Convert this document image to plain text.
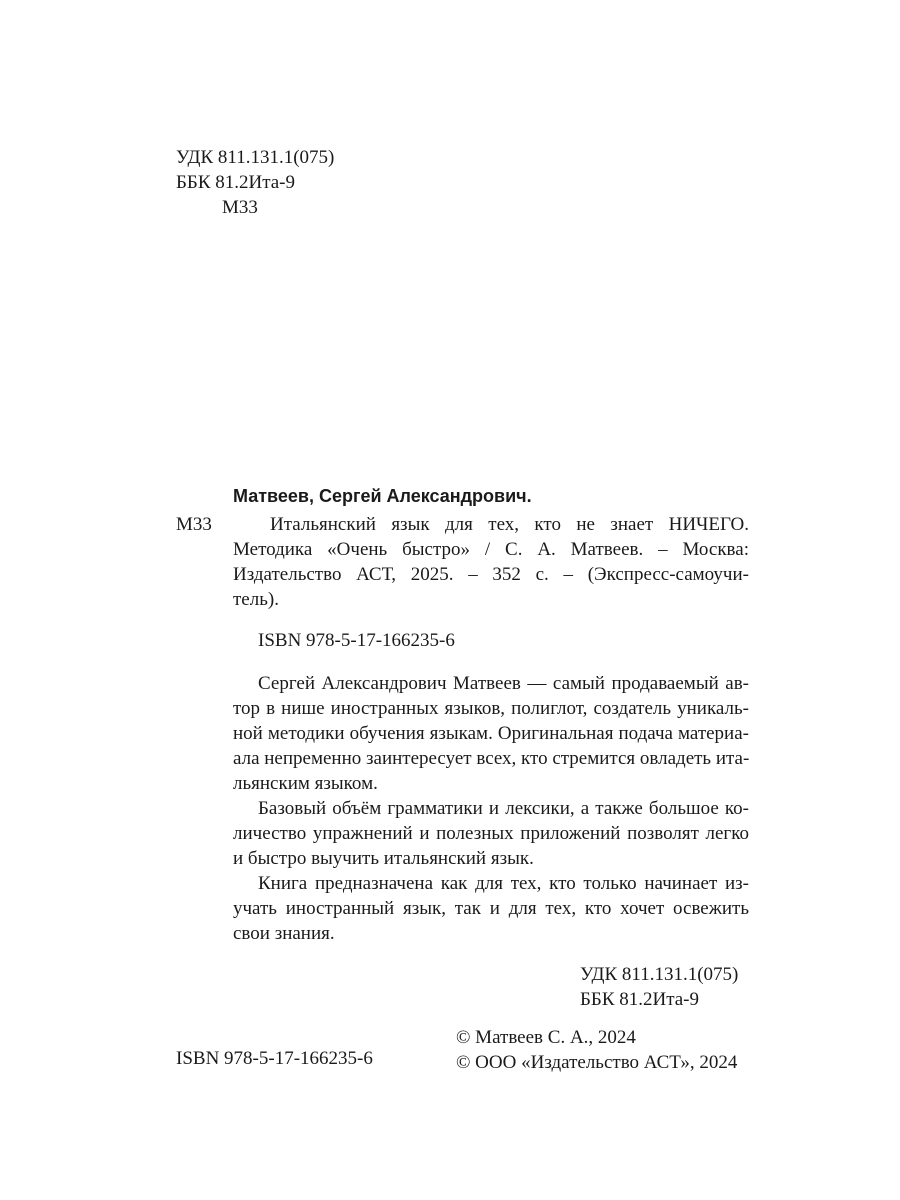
УДК 811.131.1(075)
ББК 81.2Ита-9
М33
Матвеев, Сергей Александрович.
М33	Итальянский язык для тех, кто не знает НИЧЕГО.
Методика «Очень быстро» / С. А. Матвеев. – Москва:
Издательство АСТ, 2025. – 352 с. – (Экспресс-самоучи-
тель).
ISBN 978-5-17-166235-6
Сергей Александрович Матвеев — самый продаваемый ав-
тор в нише иностранных языков, полиглот, создатель уникаль-
ной методики обучения языкам. Оригинальная подача материа-
ала непременно заинтересует всех, кто стремится овладеть ита-
льянским языком.
Базовый объём грамматики и лексики, а также большое ко-
личество упражнений и полезных приложений позволят легко
и быстро выучить итальянский язык.
Книга предназначена как для тех, кто только начинает из-
учать иностранный язык, так и для тех, кто хочет освежить
свои знания.
УДК 811.131.1(075)
ББК 81.2Ита-9
ISBN 978-5-17-166235-6
© Матвеев С. А., 2024
© ООО «Издательство АСТ», 2024
